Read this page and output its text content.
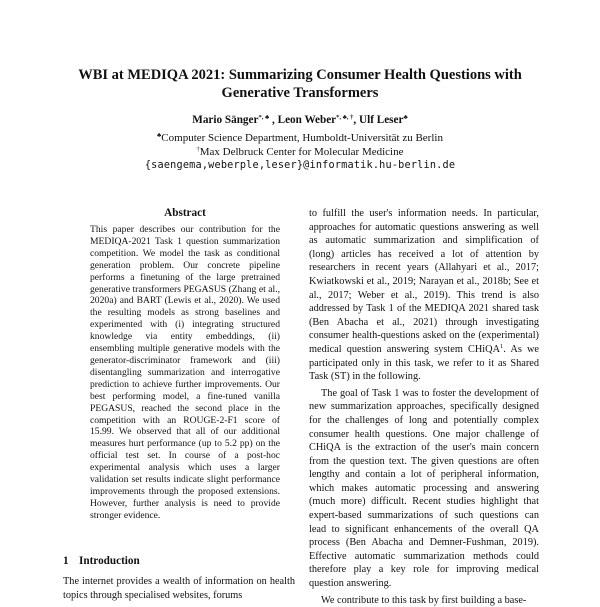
WBI at MEDIQA 2021: Summarizing Consumer Health Questions with
Generative Transformers
Mario Sänger*, ♣ , Leon Weber*, ♣, †, Ulf Leser♣
♣Computer Science Department, Humboldt-Universität zu Berlin
†Max Delbruck Center for Molecular Medicine
{saengema,weberple,leser}@informatik.hu-berlin.de
Abstract
This paper describes our contribution for the MEDIQA-2021 Task 1 question summarization competition. We model the task as conditional generation problem. Our concrete pipeline performs a finetuning of the large pretrained generative transformers PEGASUS (Zhang et al., 2020a) and BART (Lewis et al., 2020). We used the resulting models as strong baselines and experimented with (i) integrating structured knowledge via entity embeddings, (ii) ensembling multiple generative models with the generator-discriminator framework and (iii) disentangling summarization and interrogative prediction to achieve further improvements. Our best performing model, a fine-tuned vanilla PEGASUS, reached the second place in the competition with an ROUGE-2-F1 score of 15.99. We observed that all of our additional measures hurt performance (up to 5.2 pp) on the official test set. In course of a post-hoc experimental analysis which uses a larger validation set results indicate slight performance improvements through the proposed extensions. However, further analysis is need to provide stronger evidence.
1 Introduction
The internet provides a wealth of information on health topics through specialised websites, forums

to fulfill the user's information needs. In particular, approaches for automatic questions answering as well as automatic summarization and simplification of (long) articles has received a lot of attention by researchers in recent years (Allahyari et al., 2017; Kwiatkowski et al., 2019; Narayan et al., 2018b; See et al., 2017; Weber et al., 2019). This trend is also addressed by Task 1 of the MEDIQA 2021 shared task (Ben Abacha et al., 2021) through investigating consumer health-questions asked on the (experimental) medical question answering system CHiQA$^1$. As we participated only in this task, we refer to it as Shared Task (ST) in the following.

The goal of Task 1 was to foster the development of new summarization approaches, specifically designed for the challenges of long and potentially complex consumer health questions. One major challenge of CHiQA is the extraction of the user's main concern from the question text. The given questions are often lengthy and contain a lot of peripheral information, which makes automatic processing and answering (much more) difficult. Recent studies highlight that expert-based summarizations of such questions can lead to significant enhancements of the overall QA process (Ben Abacha and Demner-Fushman, 2019). Effective automatic summarization methods could therefore play a key role for improving medical question answering.

We contribute to this task by first building a base-
